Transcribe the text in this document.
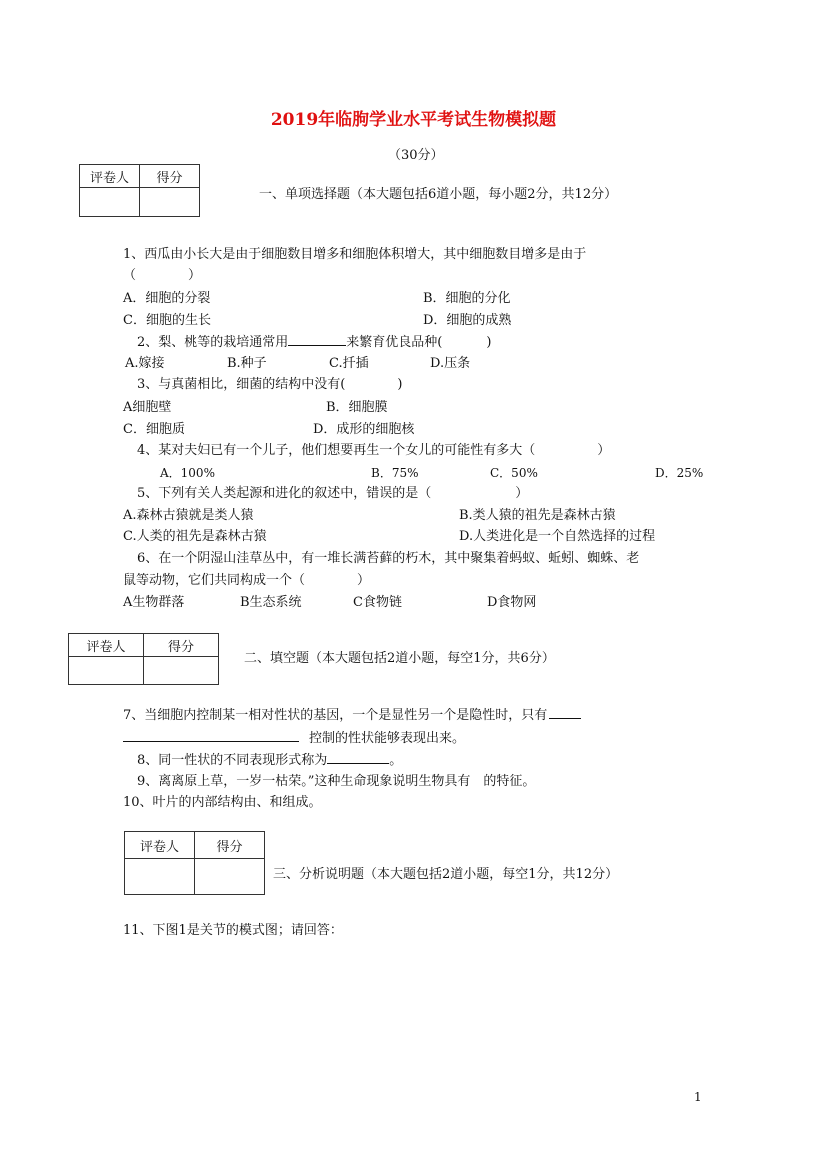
2019年临朐学业水平考试生物模拟题
（30分）
评卷人	得分

一、单项选择题（本大题包括6道小题，每小题2分，共12分）
1、西瓜由小长大是由于细胞数目增多和细胞体积增大，其中细胞数目增多是由于
（　　　　）
A．细胞的分裂	B．细胞的分化
C．细胞的生长	D．细胞的成熟
2、梨、桃等的栽培通常用	来繁育优良品种(	)
A.嫁接	B.种子	C.扦插	D.压条
3、与真菌相比，细菌的结构中没有(	)
A细胞壁	B．细胞膜
C．细胞质	D．成形的细胞核
4、某对夫妇已有一个儿子，他们想要再生一个女儿的可能性有多大（	）
A．100%	B．75%	C．50%	D．25%
5、下列有关人类起源和进化的叙述中，错误的是（	）
A.森林古猿就是类人猿	B.类人猿的祖先是森林古猿
C.人类的祖先是森林古猿	D.人类进化是一个自然选择的过程
6、在一个阴湿山洼草丛中，有一堆长满苔藓的朽木，其中聚集着蚂蚁、蚯蚓、蜘蛛、老
鼠等动物，它们共同构成一个（　　　　）
A生物群落	B生态系统	C食物链	D食物网
评卷人	得分

二、填空题（本大题包括2道小题，每空1分，共6分）
7、当细胞内控制某一相对性状的基因，一个是显性另一个是隐性时，只有
控制的性状能够表现出来。
8、同一性状的不同表现形式称为	。
9、离离原上草，一岁一枯荣。”这种生命现象说明生物具有　的特征。
10、叶片的内部结构由、和组成。
评卷人	得分

三、分析说明题（本大题包括2道小题，每空1分，共12分）
11、下图1是关节的模式图；请回答：
1
